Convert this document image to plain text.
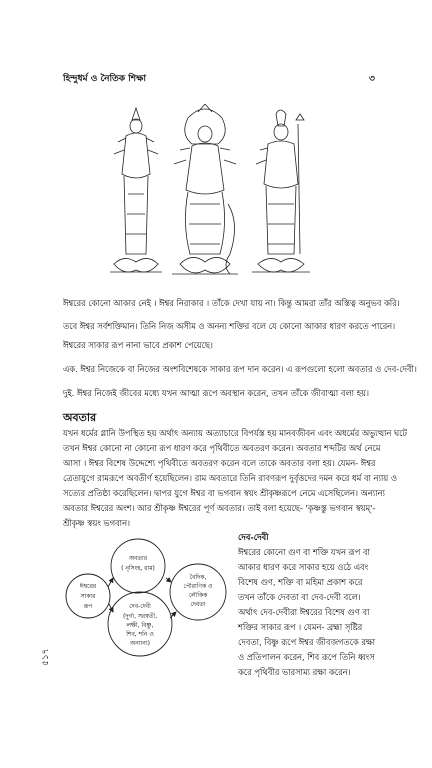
হিন্দুধর্ম ও নৈতিক শিক্ষা	৩
ঈশ্বরের কোনো আকার নেই । ঈশ্বর নিরাকার । তাঁকে দেখা যায় না। কিন্তু আমরা তাঁর অস্তিত্ব অনুভব করি।
তবে ঈশ্বর সর্বশক্তিমান। তিনি নিজ অসীম ও অনন্য শক্তির বলে যে কোনো আকার ধারণ করতে পারেন।
ঈশ্বরের সাকার রূপ নানা ভাবে প্রকাশ পেয়েছে।
এক. ঈশ্বর নিজেকে বা নিজের অংশবিশেষকে সাকার রূপ দান করেন। এ রূপগুলো হলো অবতার ও দেব-দেবী।
দুই. ঈশ্বর নিজেই জীবের মধ্যে যখন আত্মা রূপে অবস্থান করেন, তখন তাঁকে জীবাত্মা বলা হয়।
অবতার
যখন ধর্মের গ্লানি উপস্থিত হয় অর্থাৎ অন্যায় অত্যাচারে বিপর্যস্ত হয় মানবজীবন এবং অধর্মের অভ্যুত্থান ঘটে
তখন ঈশ্বর কোনো না কোনো রূপ ধারণ করে পৃথিবীতে অবতরণ করেন। অবতার শব্দটির অর্থ নেমে
আসা । ঈশ্বর বিশেষ উদ্দেশ্যে পৃথিবীতে অবতরণ করেন বলে তাকে অবতার বলা হয়। যেমন- ঈশ্বর
ত্রেতাযুগে রামরূপে অবতীর্ণ হয়েছিলেন। রাম অবতারে তিনি রাবণরূপ দুর্বৃত্তদের দমন করে ধর্ম বা ন্যায় ও
সত্যের প্রতিষ্ঠা করেছিলেন। দ্বাপর যুগে ঈশ্বর বা ভগবান স্বয়ং শ্রীকৃষ্ণরূপে নেমে এসেছিলেন। অন্যান্য
অবতার ঈশ্বরের অংশ। আর শ্রীকৃষ্ণ ঈশ্বরের পূর্ণ অবতার। তাই বলা হয়েছে- 'কৃষ্ণস্তু ভগবান স্বয়ম্'-
শ্রীকৃষ্ণ স্বয়ং ভগবান।
দেব-দেবী
ঈশ্বরের কোনো গুণ বা শক্তি যখন রূপ বা
আকার ধারণ করে সাকার হয়ে ওঠে এবং
বিশেষ গুণ, শক্তি বা মহিমা প্রকাশ করে
তখন তাঁকে দেবতা বা দেব-দেবী বলে।
অর্থাৎ দেব-দেবীরা ঈশ্বরের বিশেষ গুণ বা
শক্তির সাকার রূপ । যেমন- ব্রহ্মা সৃষ্টির
দেবতা, বিষ্ণু রূপে ঈশ্বর জীবজগতকে রক্ষা
ও প্রতিপালন করেন, শিব রূপে তিনি ধ্বংস
করে পৃথিবীর ভারসাম্য রক্ষা করেন।
অবতার
( নৃসিংহ, রাম)
ঈশ্বরের
সাকার
রূপ
বৈদিক,
পৌরাণিক ও
লৌকিক
দেবতা
দেব-দেবী
(দুর্গা, সরস্বতী,
লক্ষী, বিষ্ণু,
শিব, শনি ও
অন্যান্য)
৫১৭
